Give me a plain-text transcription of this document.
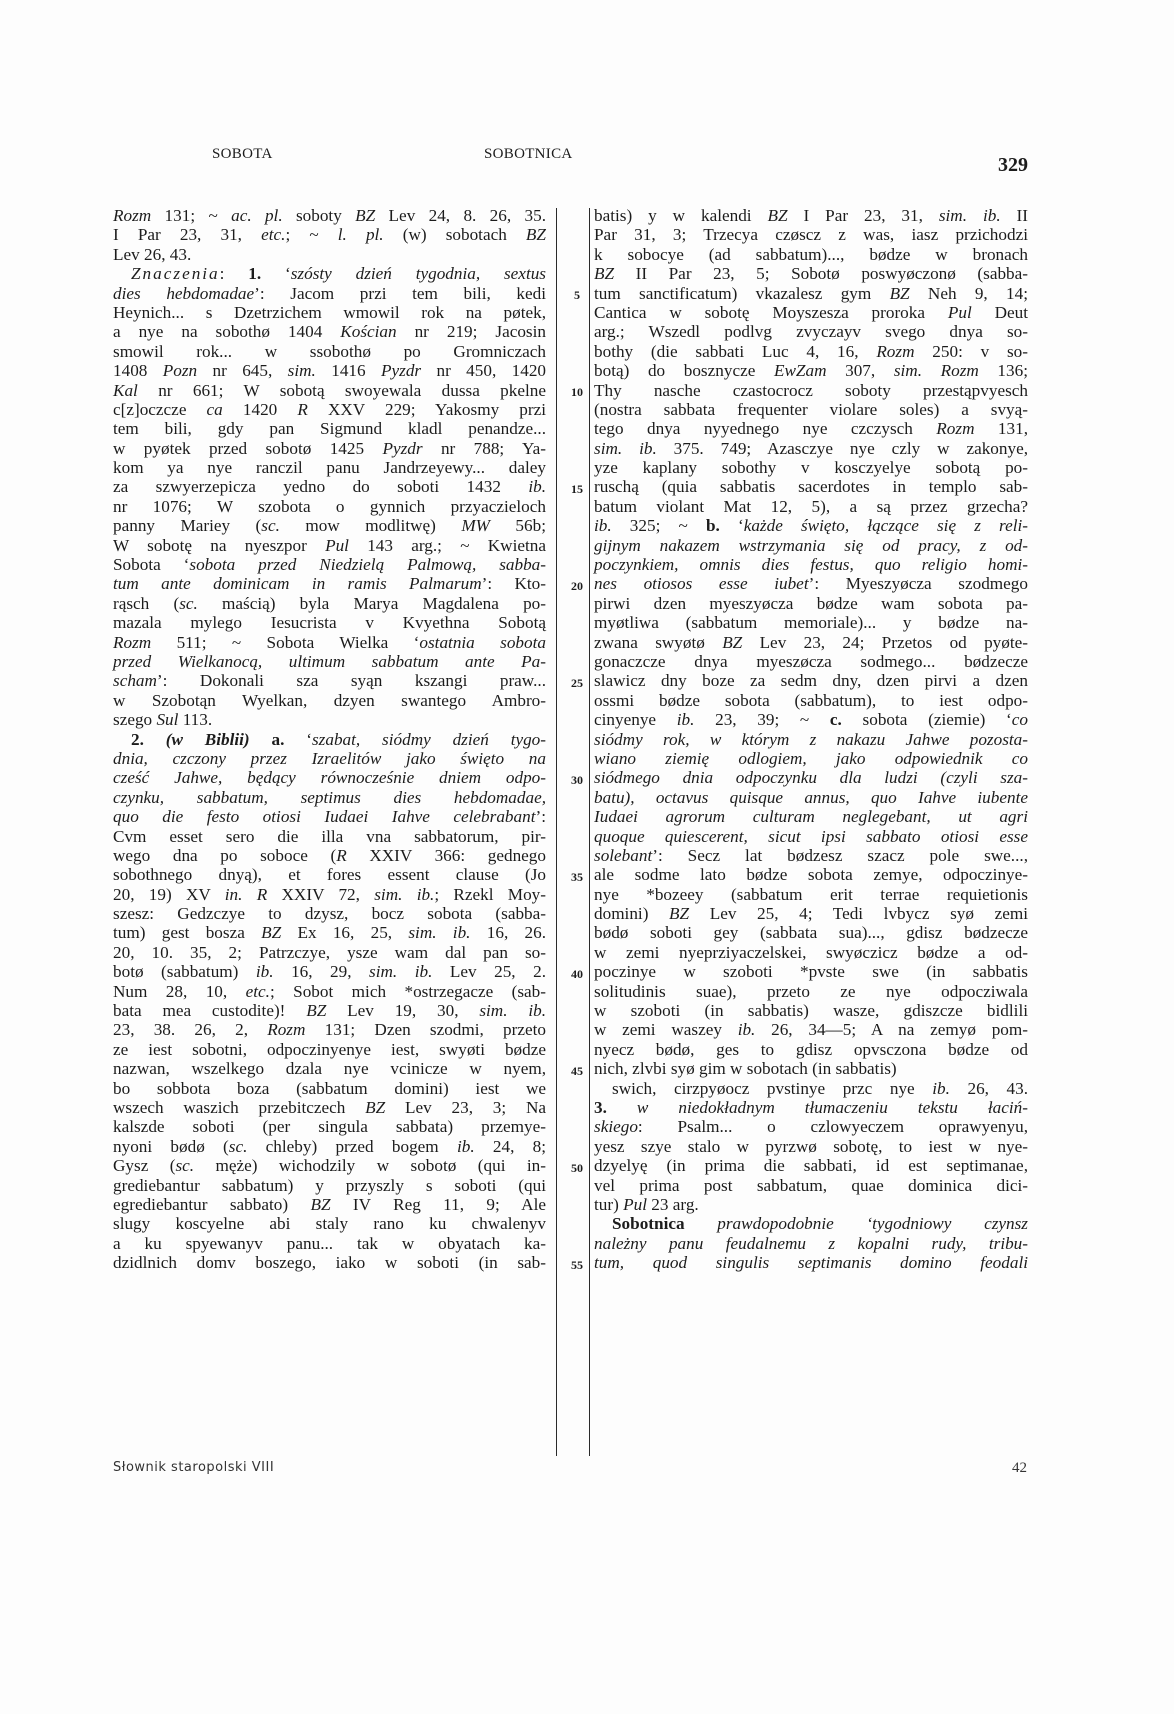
SOBOTA	SOBOTNICA	329
Rozm 131; ~ ac. pl. soboty BZ Lev 24, 8. 26, 35.
I Par 23, 31, etc.; ~ l. pl. (w) sobotach BZ
Lev 26, 43.
Znaczenia: 1. ‘szósty dzień tygodnia, sextus
dies hebdomadae’: Jacom przi tem bili, kedi
Heynich... s Dzetrzichem wmowil rok na pøtek,
a nye na sobothø 1404 Kościan nr 219; Jacosin
smowil rok... w ssobothø po Gromniczach
1408 Pozn nr 645, sim. 1416 Pyzdr nr 450, 1420
Kal nr 661; W sobotą swoyewala dussa pkelne
c[z]oczcze ca 1420 R XXV 229; Yakosmy przi
tem bili, gdy pan Sigmund kladl penandze...
w pyøtek przed sobotø 1425 Pyzdr nr 788; Ya-
kom ya nye ranczil panu Jandrzeyewy... daley
za szwyerzepicza yedno do soboti 1432 ib.
nr 1076; W szobota o gynnich przyaczieloch
panny Mariey (sc. mow modlitwę) MW 56b;
W sobotę na nyeszpor Pul 143 arg.; ~ Kwietna
Sobota ‘sobota przed Niedzielą Palmową, sabba-
tum ante dominicam in ramis Palmarum’: Kto-
rąsch (sc. maścią) byla Marya Magdalena po-
mazala mylego Iesucrista v Kvyethna Sobotą
Rozm 511; ~ Sobota Wielka ‘ostatnia sobota
przed Wielkanocą, ultimum sabbatum ante Pa-
scham’: Dokonali sza syąn kszangi praw...
w Szobotąn Wyelkan, dzyen swantego Ambro-
szego Sul 113.
2. (w Biblii) a. ‘szabat, siódmy dzień tygo-
dnia, czczony przez Izraelitów jako święto na
cześć Jahwe, będący równocześnie dniem odpo-
czynku, sabbatum, septimus dies hebdomadae,
quo die festo otiosi Iudaei Iahve celebrabant’:
Cvm esset sero die illa vna sabbatorum, pir-
wego dna po soboce (R XXIV 366: gednego
sobothnego dnyą), et fores essent clause (Jo
20, 19) XV in. R XXIV 72, sim. ib.; Rzekl Moy-
szesz: Gedzczye to dzysz, bocz sobota (sabba-
tum) gest bosza BZ Ex 16, 25, sim. ib. 16, 26.
20, 10. 35, 2; Patrzczye, ysze wam dal pan so-
botø (sabbatum) ib. 16, 29, sim. ib. Lev 25, 2.
Num 28, 10, etc.; Sobot mich *ostrzegacze (sab-
bata mea custodite)! BZ Lev 19, 30, sim. ib.
23, 38. 26, 2, Rozm 131; Dzen szodmi, przeto
ze iest sobotni, odpoczinyenye iest, swyøti bødze
nazwan, wszelkego dzala nye vcinicze w nyem,
bo sobbota boza (sabbatum domini) iest we
wszech waszich przebitczech BZ Lev 23, 3; Na
kalszde soboti (per singula sabbata) przemye-
nyoni bødø (sc. chleby) przed bogem ib. 24, 8;
Gysz (sc. męże) wichodzily w sobotø (qui in-
grediebantur sabbatum) y przyszly s soboti (qui
egrediebantur sabbato) BZ IV Reg 11, 9; Ale
slugy koscyelne abi staly rano ku chwalenyv
a ku spyewanyv panu... tak w obyatach ka-
dzidlnich domv boszego, iako w soboti (in sab-
5
10
15
20
25
30
35
40
45
50
55
batis) y w kalendi BZ I Par 23, 31, sim. ib. II
Par 31, 3; Trzecya czøscz z was, iasz przichodzi
k sobocye (ad sabbatum)..., bødze w bronach
BZ II Par 23, 5; Sobotø poswyøczonø (sabba-
tum sanctificatum) vkazalesz gym BZ Neh 9, 14;
Cantica w sobotę Moyszesza proroka Pul Deut
arg.; Wszedl podlvg zvyczayv svego dnya so-
bothy (die sabbati Luc 4, 16, Rozm 250: v so-
botą) do bosznycze EwZam 307, sim. Rozm 136;
Thy nasche czastocrocz soboty przestąpvyesch
(nostra sabbata frequenter violare soles) a svyą-
tego dnya nyyednego nye czczysch Rozm 131,
sim. ib. 375. 749; Azasczye nye czly w zakonye,
yze kaplany sobothy v kosczyelye sobotą po-
ruschą (quia sabbatis sacerdotes in templo sab-
batum violant Mat 12, 5), a są przez grzecha?
ib. 325; ~ b. ‘każde święto, łączące się z reli-
gijnym nakazem wstrzymania się od pracy, z od-
poczynkiem, omnis dies festus, quo religio homi-
nes otiosos esse iubet’: Myeszyøcza szodmego
pirwi dzen myeszyøcza bødze wam sobota pa-
myøtliwa (sabbatum memoriale)... y bødze na-
zwana swyøtø BZ Lev 23, 24; Przetos od pyøte-
gonaczcze dnya myeszøcza sodmego... bødzecze
slawicz dny boze za sedm dny, dzen pirvi a dzen
ossmi bødze sobota (sabbatum), to iest odpo-
cinyenye ib. 23, 39; ~ c. sobota (ziemie) ‘co
siódmy rok, w którym z nakazu Jahwe pozosta-
wiano ziemię odlogiem, jako odpowiednik co
siódmego dnia odpoczynku dla ludzi (czyli sza-
batu), octavus quisque annus, quo Iahve iubente
Iudaei agrorum culturam neglegebant, ut agri
quoque quiescerent, sicut ipsi sabbato otiosi esse
solebant’: Secz lat bødzesz szacz pole swe...,
ale sodme lato bødze sobota zemye, odpoczinye-
nye *bozeey (sabbatum erit terrae requietionis
domini) BZ Lev 25, 4; Tedi lvbycz syø zemi
bødø soboti gey (sabbata sua)..., gdisz bødzecze
w zemi nyeprziyaczelskei, swyøczicz bødze a od-
poczinye w szoboti *pvste swe (in sabbatis
solitudinis suae), przeto ze nye odpocziwala
w szoboti (in sabbatis) wasze, gdiszcze bidlili
w zemi waszey ib. 26, 34—5; A na zemyø pom-
nyecz bødø, ges to gdisz opvsczona bødze od
nich, zlvbi syø gim w sobotach (in sabbatis)
swich, cirzpyøocz pvstinye przc nye ib. 26, 43.
3. w niedokładnym tłumaczeniu tekstu łaciń-
skiego: Psalm... o czlowyeczem oprawyenyu,
yesz szye stalo w pyrzwø sobotę, to iest w nye-
dzyelyę (in prima die sabbati, id est septimanae,
vel prima post sabbatum, quae dominica dici-
tur) Pul 23 arg.
Sobotnica prawdopodobnie ‘tygodniowy czynsz
należny panu feudalnemu z kopalni rudy, tribu-
tum, quod singulis septimanis domino feodali
Słownik staropolski VIII	42
